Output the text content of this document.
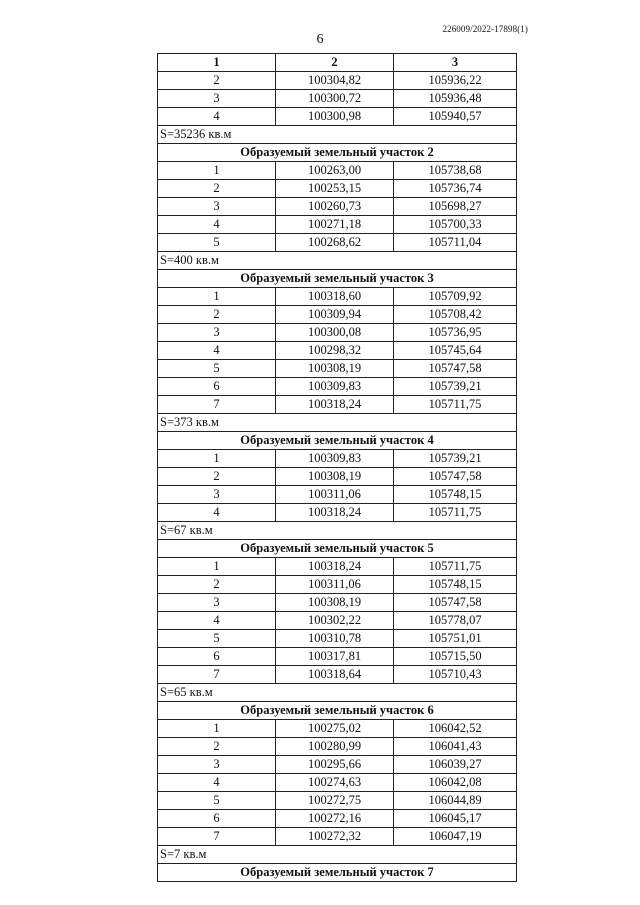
226009/2022-17898(1)
6
1	2	3
2	100304,82	105936,22
3	100300,72	105936,48
4	100300,98	105940,57
S=35236 кв.м		
Образуемый земельный участок 2		
1	100263,00	105738,68
2	100253,15	105736,74
3	100260,73	105698,27
4	100271,18	105700,33
5	100268,62	105711,04
S=400 кв.м		
Образуемый земельный участок 3		
1	100318,60	105709,92
2	100309,94	105708,42
3	100300,08	105736,95
4	100298,32	105745,64
5	100308,19	105747,58
6	100309,83	105739,21
7	100318,24	105711,75
S=373 кв.м		
Образуемый земельный участок 4		
1	100309,83	105739,21
2	100308,19	105747,58
3	100311,06	105748,15
4	100318,24	105711,75
S=67 кв.м		
Образуемый земельный участок 5		
1	100318,24	105711,75
2	100311,06	105748,15
3	100308,19	105747,58
4	100302,22	105778,07
5	100310,78	105751,01
6	100317,81	105715,50
7	100318,64	105710,43
S=65 кв.м		
Образуемый земельный участок 6		
1	100275,02	106042,52
2	100280,99	106041,43
3	100295,66	106039,27
4	100274,63	106042,08
5	100272,75	106044,89
6	100272,16	106045,17
7	100272,32	106047,19
S=7 кв.м		
Образуемый земельный участок 7		
